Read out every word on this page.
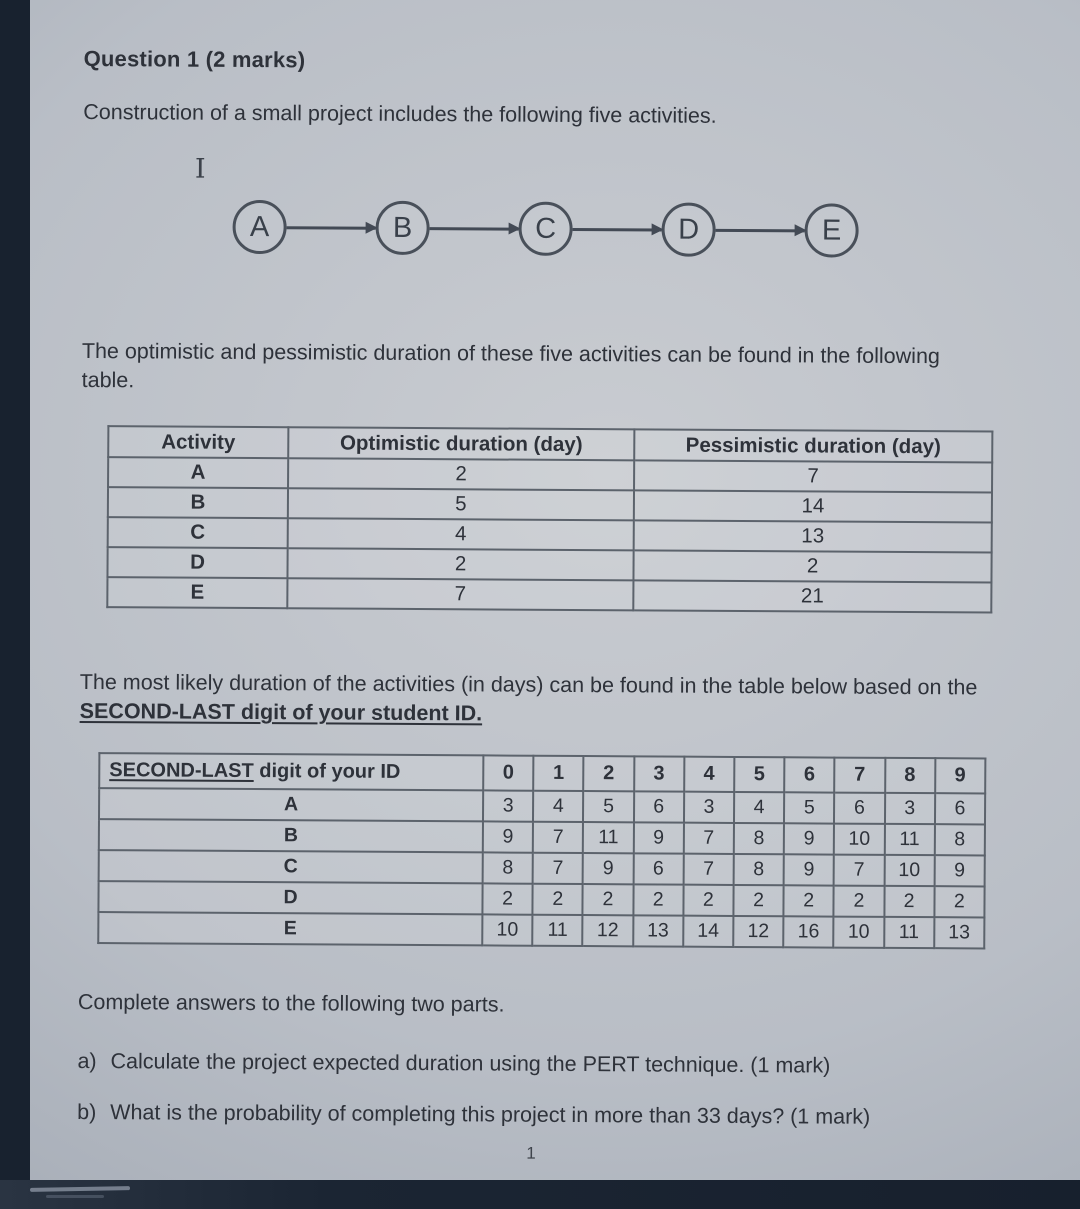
Question 1 (2 marks)

Construction of a small project includes the following five activities.

I
A	B	C	D	E

The optimistic and pessimistic duration of these five activities can be found in the following table.

Activity	Optimistic duration (day)	Pessimistic duration (day)
A	2	7
B	5	14
C	4	13
D	2	2
E	7	21

The most likely duration of the activities (in days) can be found in the table below based on the SECOND-LAST digit of your student ID.

SECOND-LAST digit of your ID	0	1	2	3	4	5	6	7	8	9
A	3	4	5	6	3	4	5	6	3	6
B	9	7	11	9	7	8	9	10	11	8
C	8	7	9	6	7	8	9	7	10	9
D	2	2	2	2	2	2	2	2	2	2
E	10	11	12	13	14	12	16	10	11	13

Complete answers to the following two parts.

a) Calculate the project expected duration using the PERT technique. (1 mark)

b) What is the probability of completing this project in more than 33 days? (1 mark)

1
